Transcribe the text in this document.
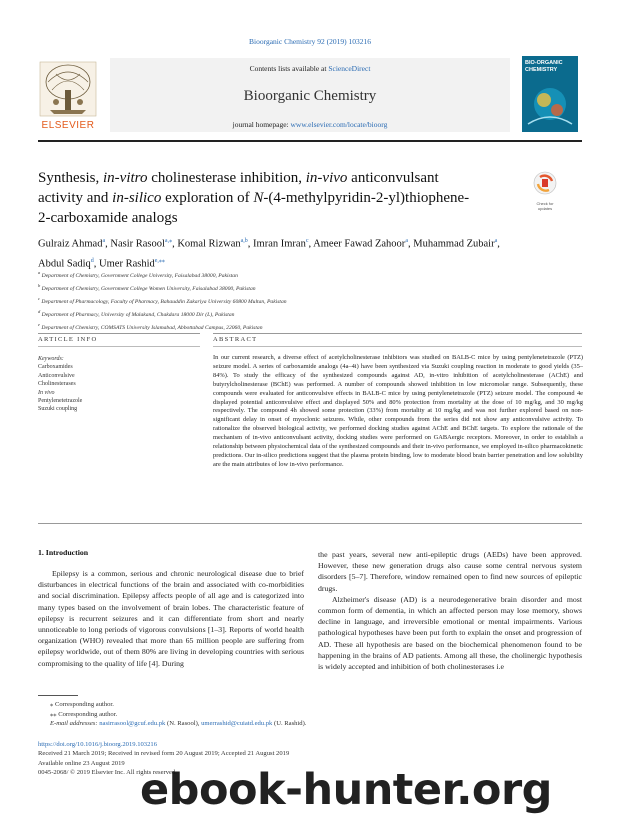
Bioorganic Chemistry 92 (2019) 103216
ELSEVIER
Contents lists available at ScienceDirect
Bioorganic Chemistry
journal homepage: www.elsevier.com/locate/bioorg
BIO-ORGANIC CHEMISTRY
Synthesis, in-vitro cholinesterase inhibition, in-vivo anticonvulsant activity and in-silico exploration of N-(4-methylpyridin-2-yl)thiophene-2-carboxamide analogs
Check for updates
Gulraiz Ahmad$^a$, Nasir Rasool$^{a,⁎}$, Komal Rizwan$^{a,b}$, Imran Imran$^c$, Ameer Fawad Zahoor$^a$, Muhammad Zubair$^a$, Abdul Sadiq$^d$, Umer Rashid$^{e,⁎⁎}$
$^a$ Department of Chemistry, Government College University, Faisalabad 38000, Pakistan
$^b$ Department of Chemistry, Government College Women University, Faisalabad 38000, Pakistan
$^c$ Department of Pharmacology, Faculty of Pharmacy, Bahauddin Zakariya University 60800 Multan, Pakistan
$^d$ Department of Pharmacy, University of Malakand, Chakdara 18000 Dir (L), Pakistan
$^e$ Department of Chemistry, COMSATS University Islamabad, Abbottabad Campus, 22060, Pakistan
ARTICLE INFO	ABSTRACT
Keywords:
Carboxamides
Anticonvulsive
Cholinesterases
In vivo
Pentylenetetrazole
Suzuki coupling
In our current research, a diverse effect of acetylcholinesterase inhibitors was studied on BALB-C mice by using pentylenetetrazole (PTZ) seizure model. A series of carboxamide analogs (4a–4i) have been synthesized via Suzuki coupling reaction in moderate to good yields (35–84%). To study the efficacy of the synthesized compounds against AD, in-vitro inhibition of acetylcholinesterase (AChE) and butyrylcholinesterase (BChE) was performed. A number of compounds showed inhibition in low micromolar range. Subsequently, these compounds were evaluated for anticonvulsive effects in BALB-C mice by using pentylenetetrazole (PTZ) seizure model. The compound 4e displayed potential anticonvulsive effect and displayed 50% and 80% protection from mortality at the dose of 10 mg/kg, and 30 mg/kg respectively. The compound 4h showed some protection (33%) from mortality at 10 mg/kg and was not further explored based on non-significant delay in onset of myoclonic seizures. While, other compounds from the series did not show any anticonvulsive activity. To rationalize the observed biological activity, we performed docking studies against AChE and BChE targets. To explore the rationale of the mechanism of in-vivo anticonvulsant activity, docking studies were performed on GABAergic receptors. Moreover, in order to establish a relationship between physiochemical data of the synthesized compounds and their in-vivo performance, we employed in-silico pharmacokinetic predictions. Our in-silico predictions suggest that the plasma protein binding, low to moderate blood brain barrier penetration and low solubility are the main attributes of low in-vivo performance.
1. Introduction

Epilepsy is a common, serious and chronic neurological disease due to brief disturbances in electrical functions of the brain and associated with co-morbidities and social discrimination. Epilepsy affects people of all age and is categorized into many types based on the involvement of brain lobes. The characteristic feature of epilepsy is recurrent seizures and it can differentiate from short and nearly unnoticeable to long periods of vigorous convulsions [1–3]. Reports of world health organization (WHO) revealed that more than 65 million people are suffering from epilepsy worldwide, out of them 80% are living in developing countries with serious compromising to the quality of life [4]. During

the past years, several new anti-epileptic drugs (AEDs) have been approved. However, these new generation drugs also cause some central nervous system disorders [5–7]. Therefore, window remained open to find new sources of epileptic drugs.

Alzheimer's disease (AD) is a neurodegenerative brain disorder and most common form of dementia, in which an affected person may lose memory, shows decline in language, and irreversible emotional or mental impairments. Various pathological hypotheses have been put forth to explain the onset and progression of AD. These all hypothesis are based on the biochemical phenomenon found to be happening in the brains of AD patients. Among all these, the cholinergic hypothesis is widely accepted and inhibition of both cholinesterases i.e

⁎ Corresponding author.
⁎⁎ Corresponding author.
E-mail addresses: nasirrasool@gcuf.edu.pk (N. Rasool), umerrashid@cuiatd.edu.pk (U. Rashid).
https://doi.org/10.1016/j.bioorg.2019.103216
Received 21 March 2019; Received in revised form 20 August 2019; Accepted 21 August 2019
Available online 23 August 2019
0045-2068/ © 2019 Elsevier Inc. All rights reserved.
ebook-hunter.org
